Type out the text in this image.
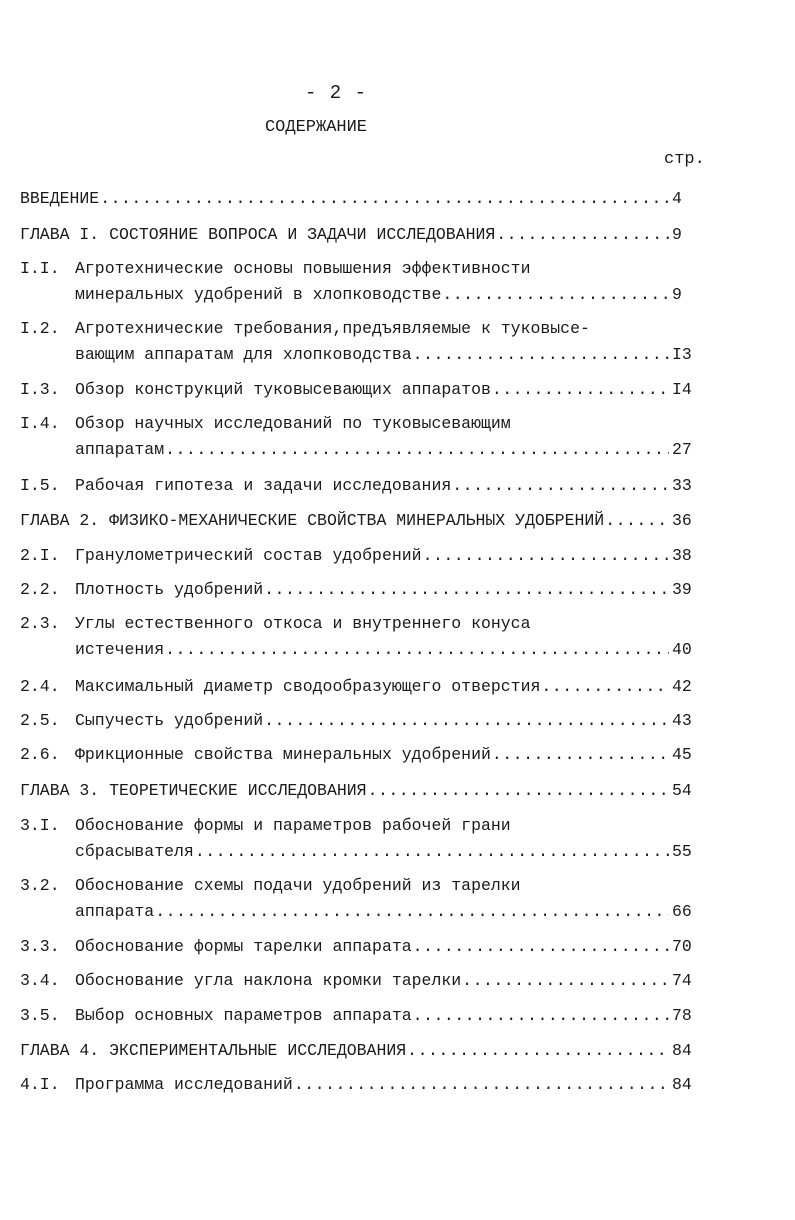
- 2 -
СОДЕРЖАНИЕ
стр.
ВВЕДЕНИЕ .....	4
ГЛАВА I. СОСТОЯНИЕ ВОПРОСА И ЗАДАЧИ ИССЛЕДОВАНИЯ .....	9
I.I. Агротехнические основы повышения эффективности
минеральных удобрений в хлопководстве .....	9
I.2. Агротехнические требования,предъявляемые к туковысе-
вающим аппаратам для хлопководства .....	I3
I.3. Обзор конструкций туковысевающих аппаратов .....	I4
I.4. Обзор научных исследований по туковысевающим
аппаратам .....	27
I.5. Рабочая гипотеза и задачи исследования .....	33
ГЛАВА 2. ФИЗИКО-МЕХАНИЧЕСКИЕ СВОЙСТВА МИНЕРАЛЬНЫХ УДОБРЕНИЙ .....	36
2.I. Гранулометрический состав удобрений .....	38
2.2. Плотность удобрений .....	39
2.3. Углы естественного откоса и внутреннего конуса
истечения .....	40
2.4. Максимальный диаметр сводообразующего отверстия .....	42
2.5. Сыпучесть удобрений .....	43
2.6. Фрикционные свойства минеральных удобрений .....	45
ГЛАВА 3. ТЕОРЕТИЧЕСКИЕ ИССЛЕДОВАНИЯ .....	54
3.I. Обоснование формы и параметров рабочей грани
сбрасывателя .....	55
3.2. Обоснование схемы подачи удобрений из тарелки
аппарата .....	66
3.3. Обоснование формы тарелки аппарата .....	70
3.4. Обоснование угла наклона кромки тарелки .....	74
3.5. Выбор основных параметров аппарата .....	78
ГЛАВА 4. ЭКСПЕРИМЕНТАЛЬНЫЕ ИССЛЕДОВАНИЯ .....	84
4.I. Программа исследований .....	84
